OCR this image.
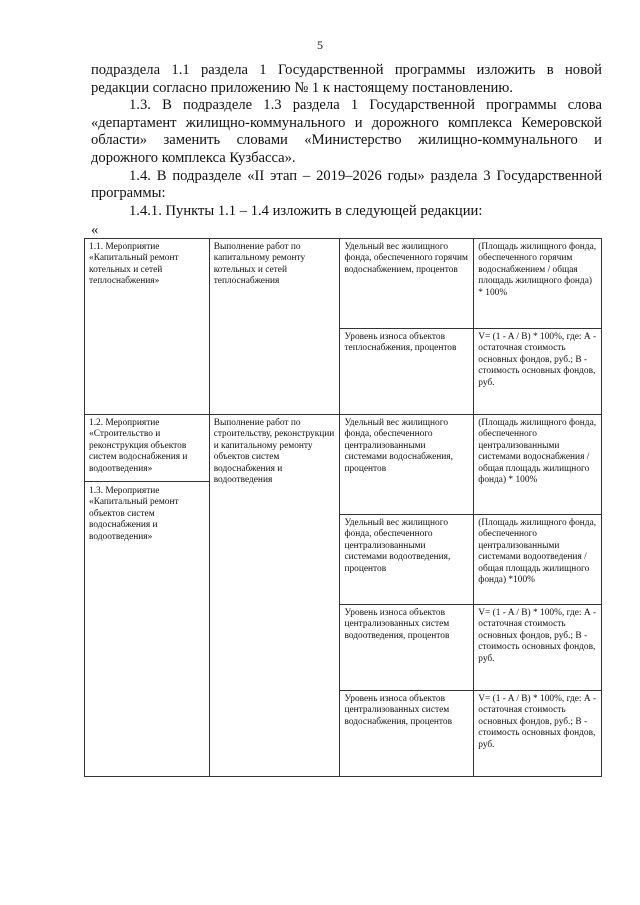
5

подраздела 1.1 раздела 1 Государственной программы изложить в новой

редакции согласно приложению № 1 к настоящему постановлению.

1.3. В подразделе 1.3 раздела 1 Государственной программы слова

«департамент жилищно-коммунального и дорожного комплекса Кемеровской

области» заменить словами «Министерство жилищно-коммунального и

дорожного комплекса Кузбасса».

1.4. В подразделе «II этап – 2019–2026 годы» раздела 3 Государственной

программы:

1.4.1. Пункты 1.1 – 1.4 изложить в следующей редакции:

«
1.1. Мероприятие «Капитальный ремонт котельных и сетей теплоснабжения»	Выполнение работ по капитальному ремонту котельных и сетей теплоснабжения	Удельный вес жилищного фонда, обеспеченного горячим водоснабжением, процентов	(Площадь жилищного фонда, обеспеченного горячим водоснабжением / общая площадь жилищного фонда) * 100%
		Уровень износа объектов теплоснабжения, процентов	V= (1 - A / B) * 100%, где: А - остаточная стоимость основных фондов, руб.; В - стоимость основных фондов, руб.

1.2. Мероприятие «Строительство и реконструкция объектов систем водоснабжения и водоотведения»
1.3. Мероприятие «Капитальный ремонт объектов систем водоснабжения и водоотведения»	Выполнение работ по строительству, реконструкции и капитальному ремонту объектов систем водоснабжения и водоотведения	Удельный вес жилищного фонда, обеспеченного централизованными системами водоснабжения, процентов	(Площадь жилищного фонда, обеспеченного централизованными системами водоснабжения / общая площадь жилищного фонда) * 100%
		Удельный вес жилищного фонда, обеспеченного централизованными системами водоотведения, процентов	(Площадь жилищного фонда, обеспеченного централизованными системами водоотведения / общая площадь жилищного фонда) *100%
		Уровень износа объектов централизованных систем водоотведения, процентов	V= (1 - A / B) * 100%, где: А - остаточная стоимость основных фондов, руб.; В - стоимость основных фондов, руб.
		Уровень износа объектов централизованных систем водоснабжения, процентов	V= (1 - A / B) * 100%, где: А - остаточная стоимость основных фондов, руб.; В - стоимость основных фондов, руб.
